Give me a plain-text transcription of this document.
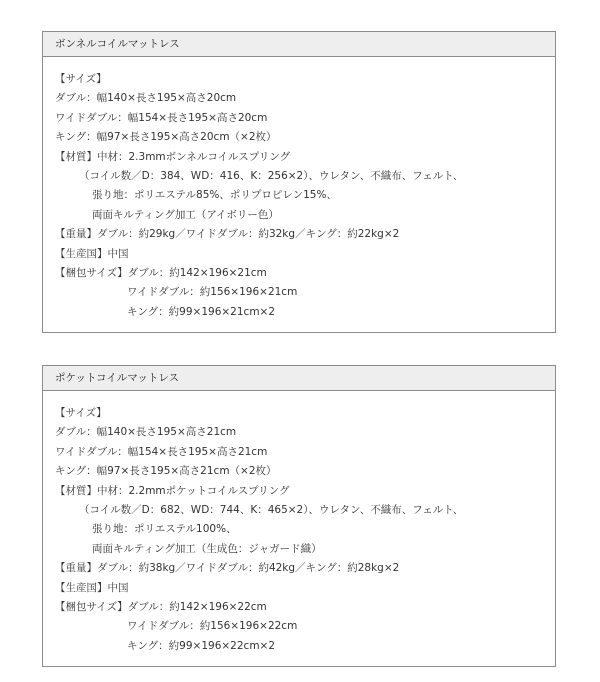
ボンネルコイルマットレス
【サイズ】
ダブル：幅140×長さ195×高さ20cm
ワイドダブル：幅154×長さ195×高さ20cm
キング：幅97×長さ195×高さ20cm（×2枚）
【材質】中材：2.3mmボンネルコイルスプリング
（コイル数／D：384、WD：416、K：256×2）、ウレタン、不織布、フェルト、
張り地：ポリエステル85%、ポリプロピレン15%、
両面キルティング加工（アイボリー色）
【重量】ダブル：約29kg／ワイドダブル：約32kg／キング：約22kg×2
【生産国】中国
【梱包サイズ】ダブル：約142×196×21cm
ワイドダブル：約156×196×21cm
キング：約99×196×21cm×2
ポケットコイルマットレス
【サイズ】
ダブル：幅140×長さ195×高さ21cm
ワイドダブル：幅154×長さ195×高さ21cm
キング：幅97×長さ195×高さ21cm（×2枚）
【材質】中材：2.2mmポケットコイルスプリング
（コイル数／D：682、WD：744、K：465×2）、ウレタン、不織布、フェルト、
張り地：ポリエステル100%、
両面キルティング加工（生成色：ジャガード織）
【重量】ダブル：約38kg／ワイドダブル：約42kg／キング：約28kg×2
【生産国】中国
【梱包サイズ】ダブル：約142×196×22cm
ワイドダブル：約156×196×22cm
キング：約99×196×22cm×2
